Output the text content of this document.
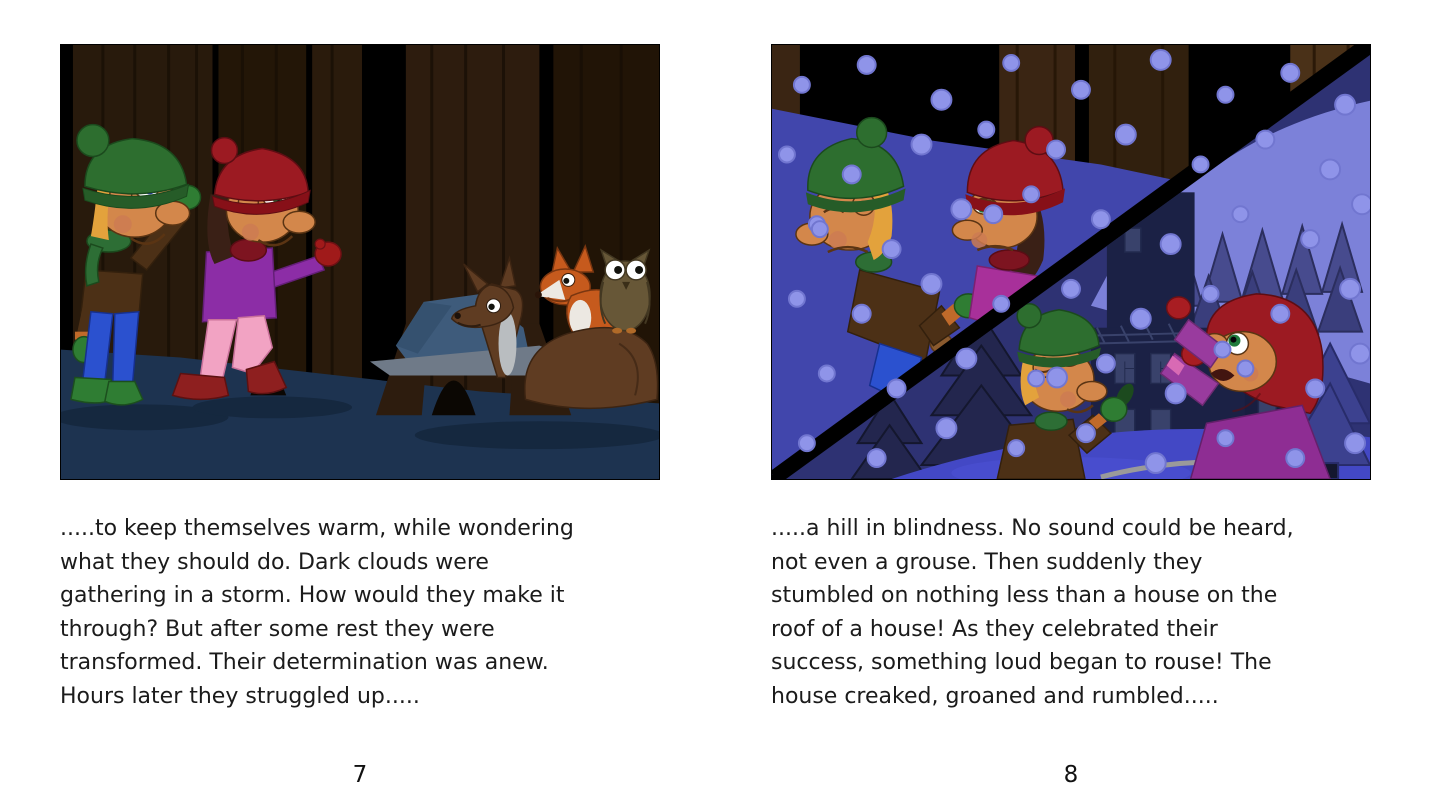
.....to keep themselves warm, while wondering
what they should do. Dark clouds were
gathering in a storm. How would they make it
through? But after some rest they were
transformed. Their determination was anew.
Hours later they struggled up.....
7
.....a hill in blindness. No sound could be heard,
not even a grouse. Then suddenly they
stumbled on nothing less than a house on the
roof of a house! As they celebrated their
success, something loud began to rouse! The
house creaked, groaned and rumbled.....
8
